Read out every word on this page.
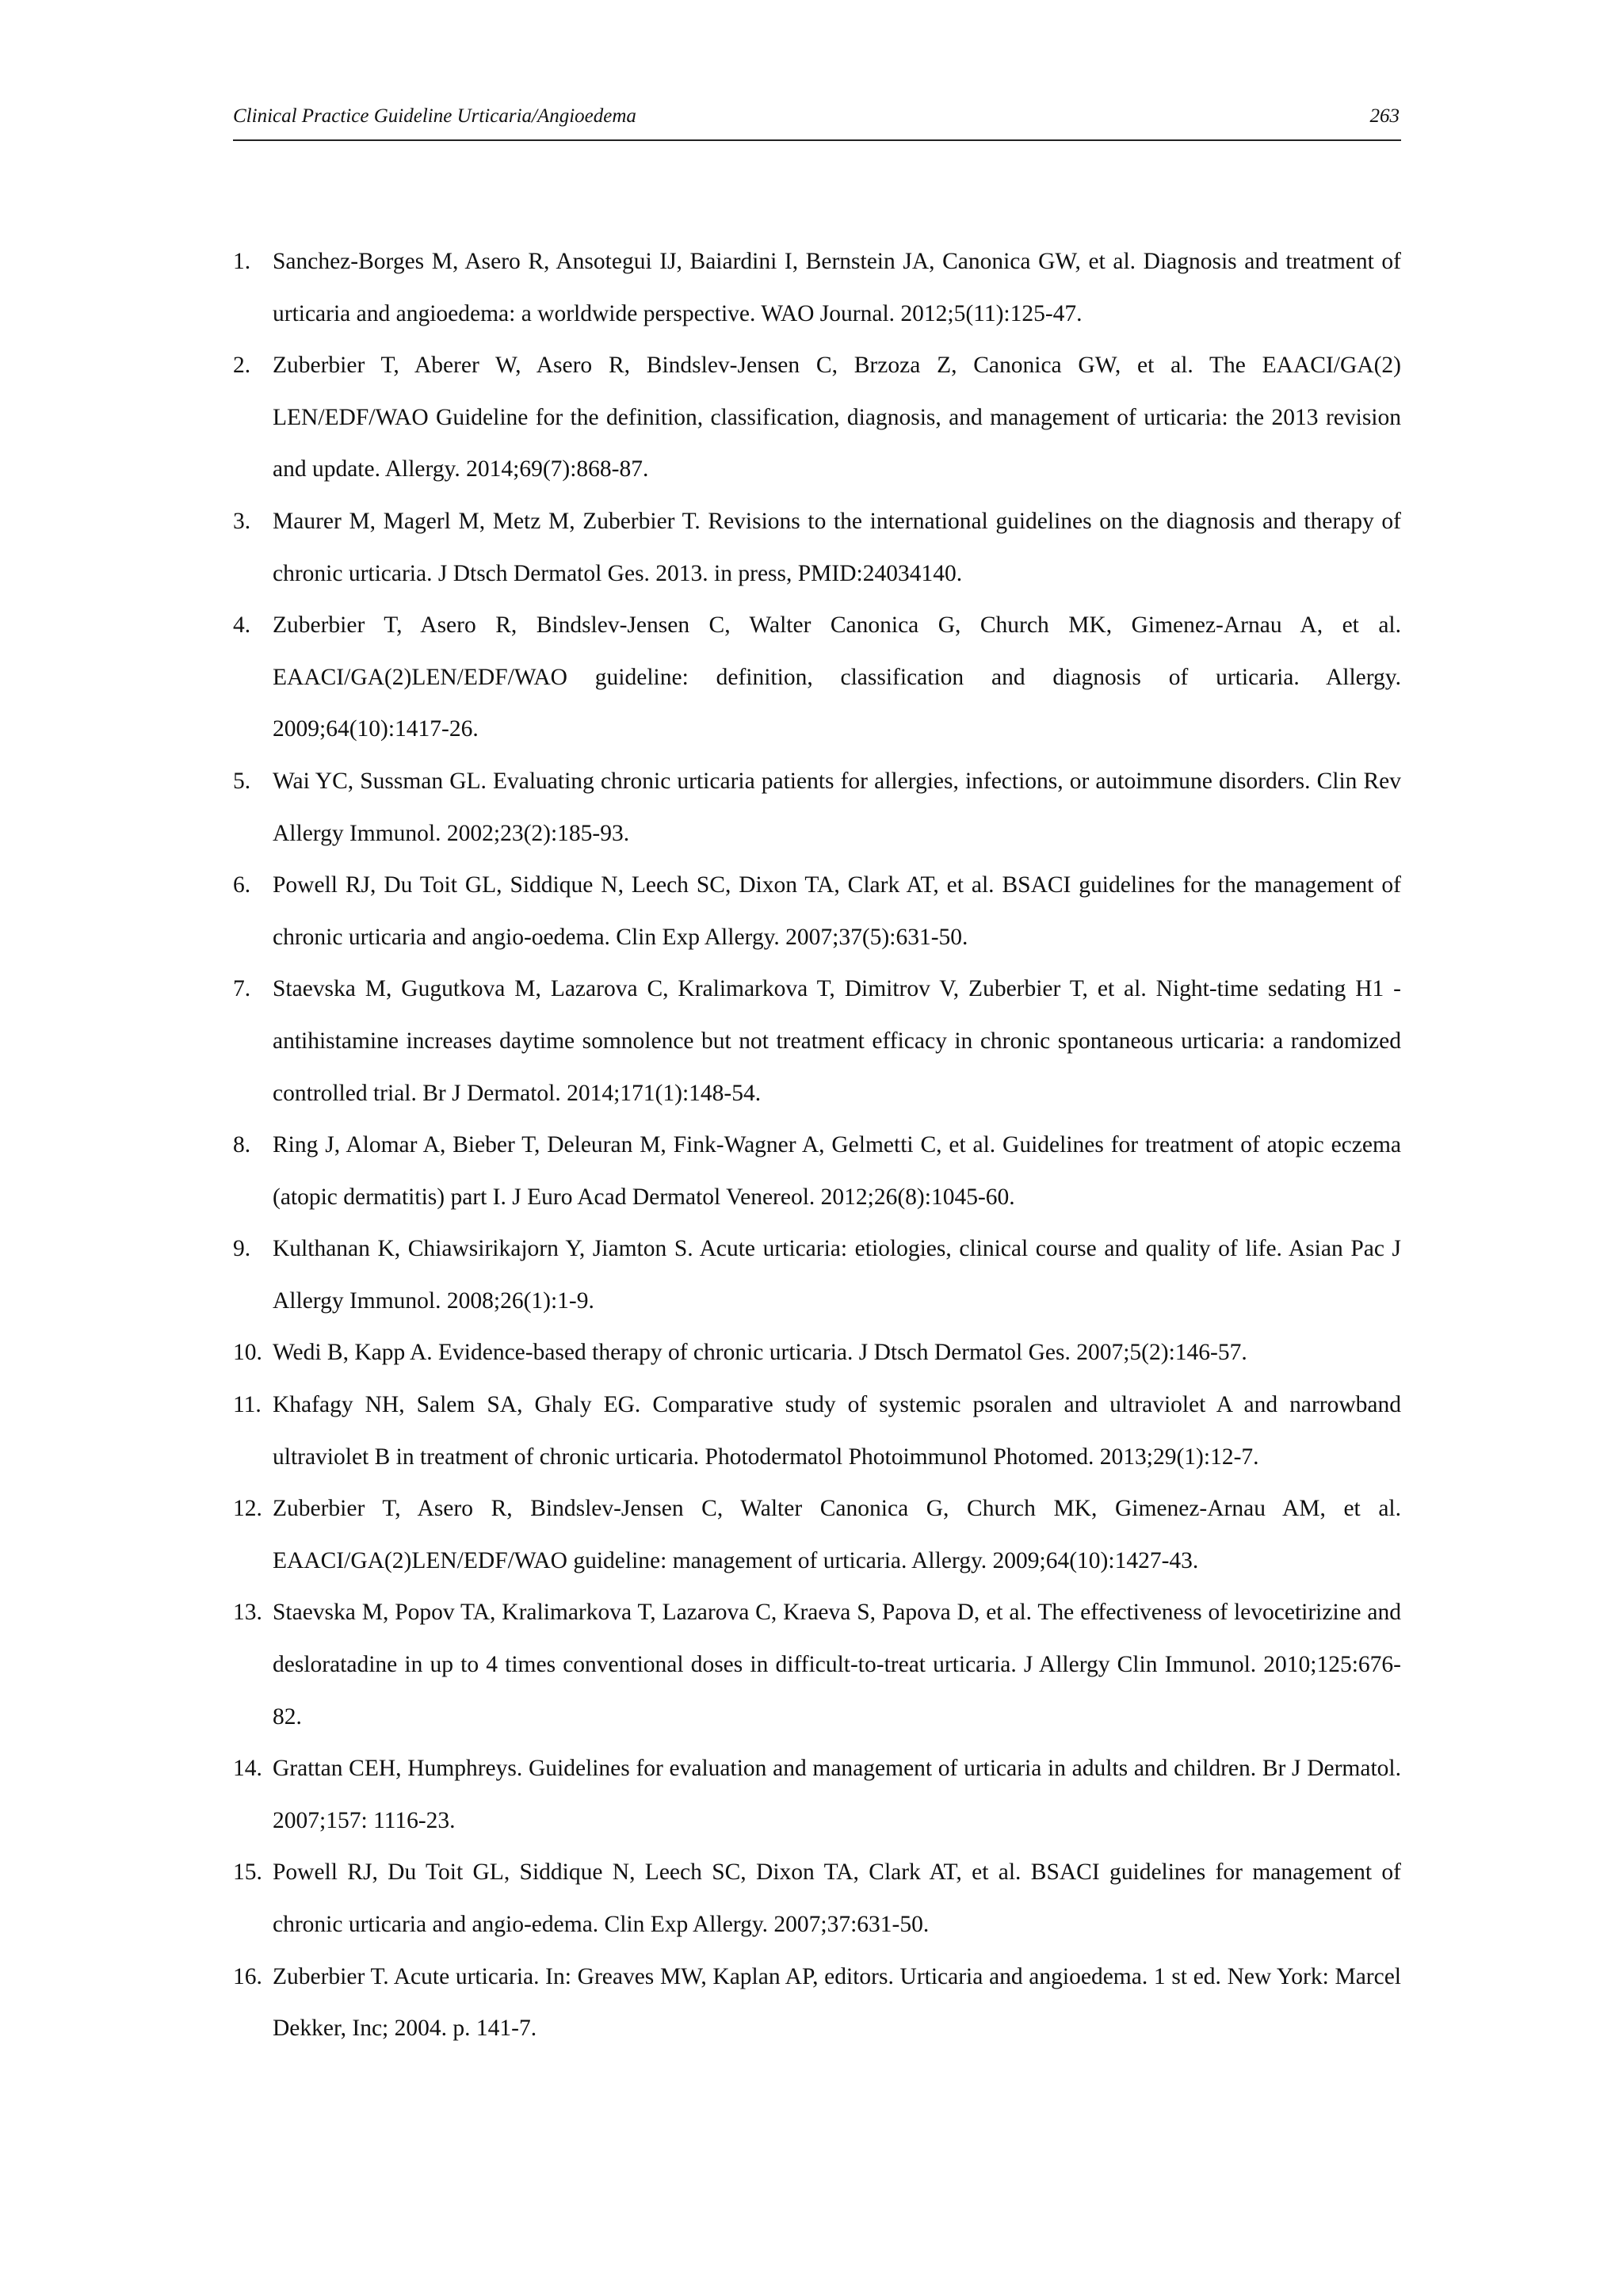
Clinical Practice Guideline Urticaria/Angioedema	263
1. Sanchez-Borges M, Asero R, Ansotegui IJ, Baiardini I, Bernstein JA, Canonica GW, et al. Diagnosis and treatment of urticaria and angioedema: a worldwide perspective. WAO Journal. 2012;5(11):125-47.
2. Zuberbier T, Aberer W, Asero R, Bindslev-Jensen C, Brzoza Z, Canonica GW, et al. The EAACI/GA(2) LEN/EDF/WAO Guideline for the definition, classification, diagnosis, and management of urticaria: the 2013 revision and update. Allergy. 2014;69(7):868-87.
3. Maurer M, Magerl M, Metz M, Zuberbier T. Revisions to the international guidelines on the diagnosis and therapy of chronic urticaria. J Dtsch Dermatol Ges. 2013. in press, PMID:24034140.
4. Zuberbier T, Asero R, Bindslev-Jensen C, Walter Canonica G, Church MK, Gimenez-Arnau A, et al. EAACI/GA(2)LEN/EDF/WAO guideline: definition, classification and diagnosis of urticaria. Allergy. 2009;64(10):1417-26.
5. Wai YC, Sussman GL. Evaluating chronic urticaria patients for allergies, infections, or autoimmune disorders. Clin Rev Allergy Immunol. 2002;23(2):185-93.
6. Powell RJ, Du Toit GL, Siddique N, Leech SC, Dixon TA, Clark AT, et al. BSACI guidelines for the management of chronic urticaria and angio-oedema. Clin Exp Allergy. 2007;37(5):631-50.
7. Staevska M, Gugutkova M, Lazarova C, Kralimarkova T, Dimitrov V, Zuberbier T, et al. Night-time sedating H1 -antihistamine increases daytime somnolence but not treatment efficacy in chronic spontaneous urticaria: a randomized controlled trial. Br J Dermatol. 2014;171(1):148-54.
8. Ring J, Alomar A, Bieber T, Deleuran M, Fink-Wagner A, Gelmetti C, et al. Guidelines for treatment of atopic eczema (atopic dermatitis) part I. J Euro Acad Dermatol Venereol. 2012;26(8):1045-60.
9. Kulthanan K, Chiawsirikajorn Y, Jiamton S. Acute urticaria: etiologies, clinical course and quality of life. Asian Pac J Allergy Immunol. 2008;26(1):1-9.
10. Wedi B, Kapp A. Evidence-based therapy of chronic urticaria. J Dtsch Dermatol Ges. 2007;5(2):146-57.
11. Khafagy NH, Salem SA, Ghaly EG. Comparative study of systemic psoralen and ultraviolet A and narrowband ultraviolet B in treatment of chronic urticaria. Photodermatol Photoimmunol Photomed. 2013;29(1):12-7.
12. Zuberbier T, Asero R, Bindslev-Jensen C, Walter Canonica G, Church MK, Gimenez-Arnau AM, et al. EAACI/GA(2)LEN/EDF/WAO guideline: management of urticaria. Allergy. 2009;64(10):1427-43.
13. Staevska M, Popov TA, Kralimarkova T, Lazarova C, Kraeva S, Papova D, et al. The effectiveness of levocetirizine and desloratadine in up to 4 times conventional doses in difficult-to-treat urticaria. J Allergy Clin Immunol. 2010;125:676-82.
14. Grattan CEH, Humphreys. Guidelines for evaluation and management of urticaria in adults and children. Br J Dermatol. 2007;157: 1116-23.
15. Powell RJ, Du Toit GL, Siddique N, Leech SC, Dixon TA, Clark AT, et al. BSACI guidelines for management of chronic urticaria and angio-edema. Clin Exp Allergy. 2007;37:631-50.
16. Zuberbier T. Acute urticaria. In: Greaves MW, Kaplan AP, editors. Urticaria and angioedema. 1 st ed. New York: Marcel Dekker, Inc; 2004. p. 141-7.
